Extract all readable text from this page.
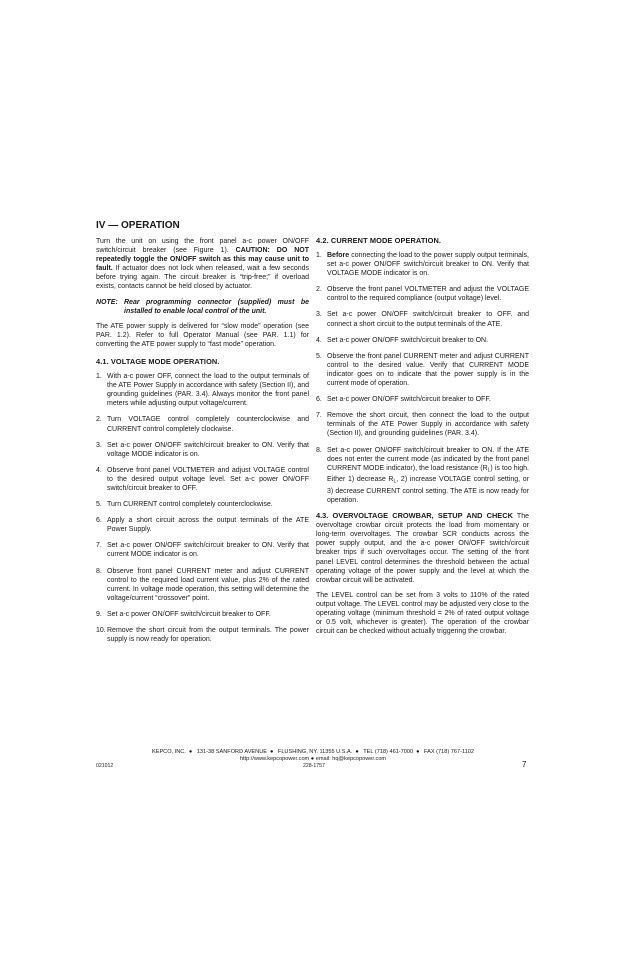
IV — OPERATION

Turn the unit on using the front panel a-c power ON/OFF switch/circuit breaker (see Figure 1). CAUTION: DO NOT repeatedly toggle the ON/OFF switch as this may cause unit to fault. If actuator does not lock when released, wait a few seconds before trying again. The circuit breaker is “trip-free;” if overload exists, contacts cannot be held closed by actuator.

NOTE: Rear programming connector (supplied) must be installed to enable local control of the unit.

The ATE power supply is delivered for “slow mode” operation (see PAR. 1.2). Refer to full Operator Manual (see PAR. 1.1) for converting the ATE power supply to “fast mode” operation.

4.1. VOLTAGE MODE OPERATION.
1. With a-c power OFF, connect the load to the output terminals of the ATE Power Supply in accordance with safety (Section II), and grounding guidelines (PAR. 3.4). Always monitor the front panel meters while adjusting output voltage/current.
2. Turn VOLTAGE control completely counterclockwise and CURRENT control completely clockwise.
3. Set a-c power ON/OFF switch/circuit breaker to ON. Verify that voltage MODE indicator is on.
4. Observe front panel VOLTMETER and adjust VOLTAGE control to the desired output voltage level. Set a-c power ON/OFF switch/circuit breaker to OFF.
5. Turn CURRENT control completely counterclockwise.
6. Apply a short circuit across the output terminals of the ATE Power Supply.
7. Set a-c power ON/OFF switch/circuit breaker to ON. Verify that current MODE indicator is on.
8. Observe front panel CURRENT meter and adjust CURRENT control to the required load current value, plus 2% of the rated current. In voltage mode operation, this setting will determine the voltage/current “crossover” point.
9. Set a-c power ON/OFF switch/circuit breaker to OFF.
10. Remove the short circuit from the output terminals. The power supply is now ready for operation.
4.2. CURRENT MODE OPERATION.
1. Before connecting the load to the power supply output terminals, set a-c power ON/OFF switch/circuit breaker to ON. Verify that VOLTAGE MODE indicator is on.
2. Observe the front panel VOLTMETER and adjust the VOLTAGE control to the required compliance (output voltage) level.
3. Set a-c power ON/OFF switch/circuit breaker to OFF. and connect a short circuit to the output terminals of the ATE.
4. Set a-c power ON/OFF switch/circuit breaker to ON.
5. Observe the front panel CURRENT meter and adjust CURRENT control to the desired value. Verify that CURRENT MODE indicator goes on to indicate that the power supply is in the current mode of operation.
6. Set a-c power ON/OFF switch/circuit breaker to OFF.
7. Remove the short circuit, then connect the load to the output terminals of the ATE Power Supply in accordance with safety (Section II), and grounding guidelines (PAR. 3.4).
8. Set a-c power ON/OFF switch/circuit breaker to ON. If the ATE does not enter the current mode (as indicated by the front panel CURRENT MODE indicator), the load resistance $(R_L)$ is too high. Either 1) decrease $R_L$, 2) increase VOLTAGE control setting, or 3) decrease CURRENT control setting. The ATE is now ready for operation.

4.3. OVERVOLTAGE CROWBAR, SETUP AND CHECK The overvoltage crowbar circuit protects the load from momentary or long-term overvoltages. The crowbar SCR conducts across the power supply output, and the a-c power ON/OFF switch/circuit breaker trips if such overvoltages occur. The setting of the front panel LEVEL control determines the threshold between the actual operating voltage of the power supply and the level at which the crowbar circuit will be activated.

The LEVEL control can be set from 3 volts to 110% of the rated output voltage. The LEVEL control may be adjusted very close to the operating voltage (minimum threshold = 2% of rated output voltage or 0.5 volt, whichever is greater). The operation of the crowbar circuit can be checked without actually triggering the crowbar.

KEPCO, INC. ● 131-38 SANFORD AVENUE ● FLUSHING, NY. 11355 U.S.A. ● TEL (718) 461-7000 ● FAX (718) 767-1102
http://www.kepcopower.com ● email: hq@kepcopower.com
021012	228-1757	7
